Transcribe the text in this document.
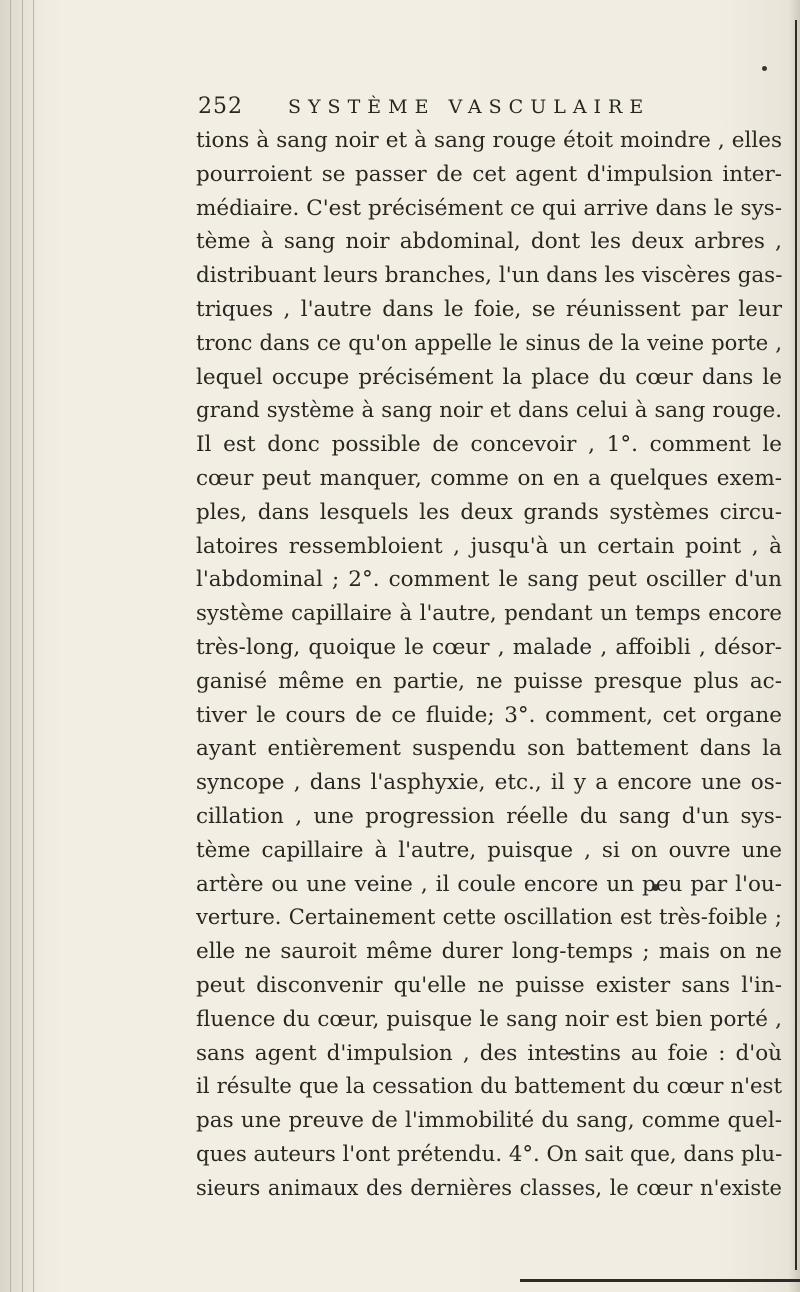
252 SYSTÈME VASCULAIRE
tions à sang noir et à sang rouge étoit moindre , elles
pourroient se passer de cet agent d'impulsion inter-
médiaire. C'est précisément ce qui arrive dans le sys-
tème à sang noir abdominal, dont les deux arbres ,
distribuant leurs branches, l'un dans les viscères gas-
triques , l'autre dans le foie, se réunissent par leur
tronc dans ce qu'on appelle le sinus de la veine porte ,
lequel occupe précisément la place du cœur dans le
grand système à sang noir et dans celui à sang rouge.
Il est donc possible de concevoir , 1°. comment le
cœur peut manquer, comme on en a quelques exem-
ples, dans lesquels les deux grands systèmes circu-
latoires ressembloient , jusqu'à un certain point , à
l'abdominal ; 2°. comment le sang peut osciller d'un
système capillaire à l'autre, pendant un temps encore
très-long, quoique le cœur , malade , affoibli , désor-
ganisé même en partie, ne puisse presque plus ac-
tiver le cours de ce fluide; 3°. comment, cet organe
ayant entièrement suspendu son battement dans la
syncope , dans l'asphyxie, etc., il y a encore une os-
cillation , une progression réelle du sang d'un sys-
tème capillaire à l'autre, puisque , si on ouvre une
artère ou une veine , il coule encore un peu par l'ou-
verture. Certainement cette oscillation est très-foible ;
elle ne sauroit même durer long-temps ; mais on ne
peut disconvenir qu'elle ne puisse exister sans l'in-
fluence du cœur, puisque le sang noir est bien porté ,
sans agent d'impulsion , des intestins au foie : d'où
il résulte que la cessation du battement du cœur n'est
pas une preuve de l'immobilité du sang, comme quel-
ques auteurs l'ont prétendu. 4°. On sait que, dans plu-
sieurs animaux des dernières classes, le cœur n'existe
